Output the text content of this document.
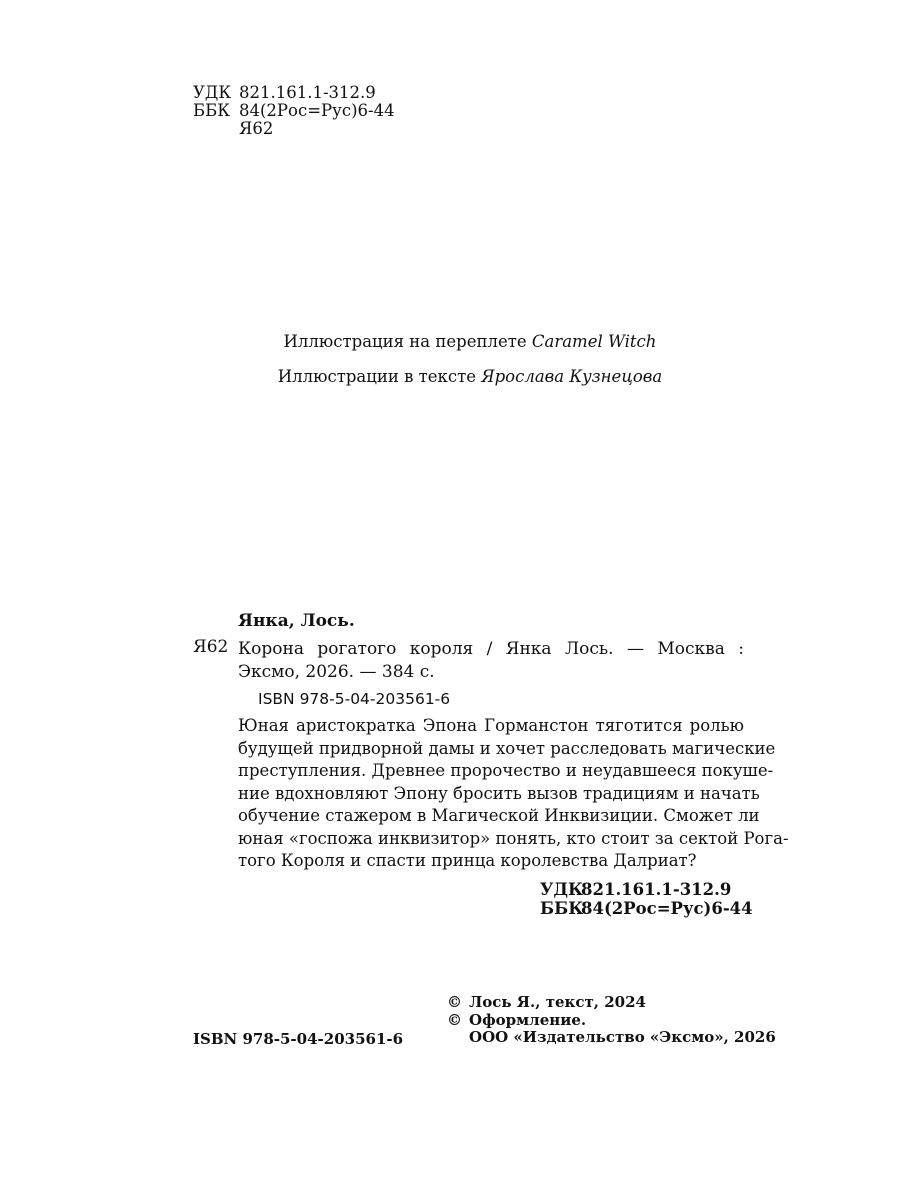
УДК 821.161.1-312.9
ББК 84(2Рос=Рус)6-44
Я62
Иллюстрация на переплете Caramel Witch
Иллюстрации в тексте Ярослава Кузнецова
Янка, Лось.
Я62 Корона рогатого короля / Янка Лось. — Москва :
Эксмо, 2026. — 384 с.
ISBN 978-5-04-203561-6
Юная аристократка Эпона Горманстон тяготится ролью
будущей придворной дамы и хочет расследовать магические
преступления. Древнее пророчество и неудавшееся покуше-
ние вдохновляют Эпону бросить вызов традициям и начать
обучение стажером в Магической Инквизиции. Сможет ли
юная «госпожа инквизитор» понять, кто стоит за сектой Рога-
того Короля и спасти принца королевства Далриат?
УДК
821.161.1-312.9
ББК
84(2Рос=Рус)6-44
© Лось Я., текст, 2024
© Оформление.
ООО «Издательство «Эксмо», 2026
ISBN 978-5-04-203561-6
